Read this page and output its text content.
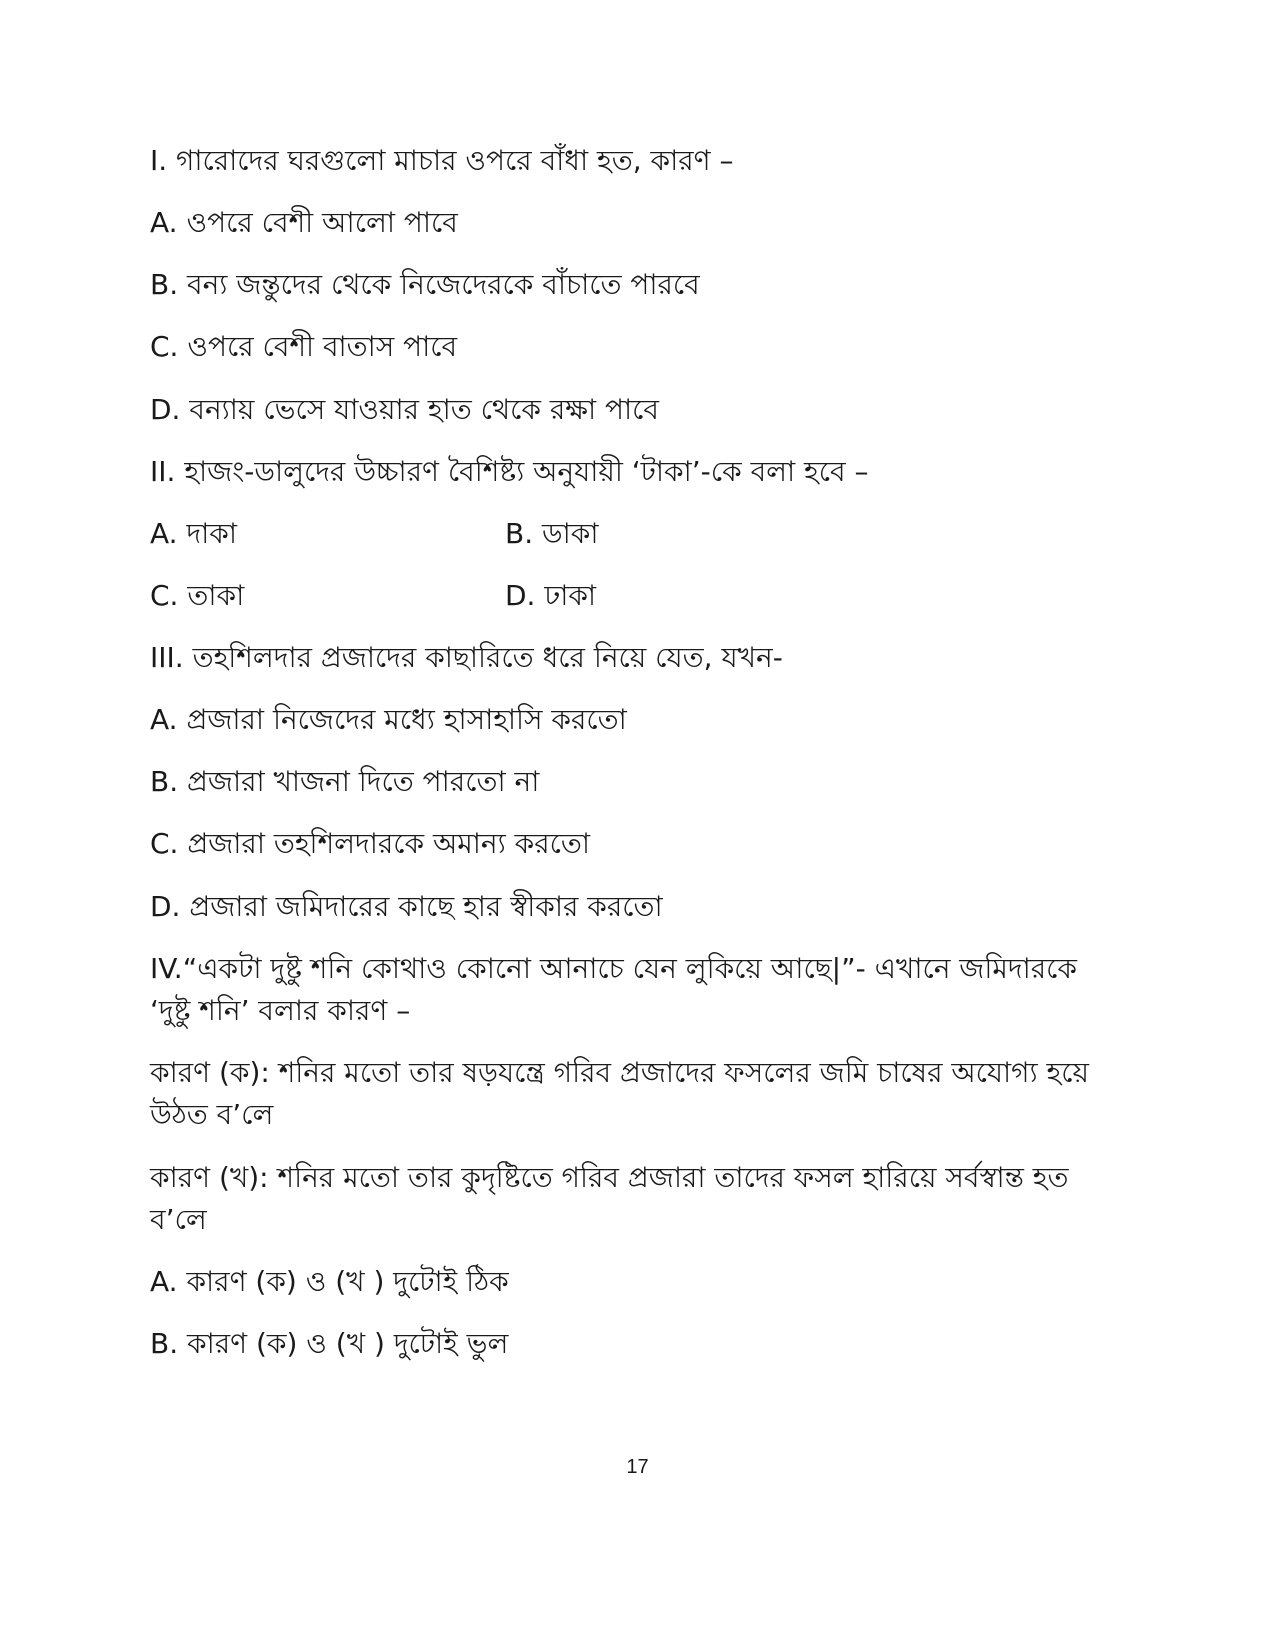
I. গারোদের ঘরগুলো মাচার ওপরে বাঁধা হত, কারণ –
A. ওপরে বেশী আলো পাবে
B. বন্য জন্তুদের থেকে নিজেদেরকে বাঁচাতে পারবে
C. ওপরে বেশী বাতাস পাবে
D. বন্যায় ভেসে যাওয়ার হাত থেকে রক্ষা পাবে
II. হাজং-ডালুদের উচ্চারণ বৈশিষ্ট্য অনুযায়ী ‘টাকা’-কে বলা হবে –
A. দাকা	B. ডাকা
C. তাকা	D. ঢাকা
III. তহশিলদার প্রজাদের কাছারিতে ধরে নিয়ে যেত, যখন-
A. প্রজারা নিজেদের মধ্যে হাসাহাসি করতো
B. প্রজারা খাজনা দিতে পারতো না
C. প্রজারা তহশিলদারকে অমান্য করতো
D. প্রজারা জমিদারের কাছে হার স্বীকার করতো
IV.“একটা দুষ্টু শনি কোথাও কোনো আনাচে যেন লুকিয়ে আছে|”- এখানে জমিদারকে ‘দুষ্টু শনি’ বলার কারণ –
কারণ (ক): শনির মতো তার ষড়যন্ত্রে গরিব প্রজাদের ফসলের জমি চাষের অযোগ্য হয়ে উঠত ব’লে
কারণ (খ): শনির মতো তার কুদৃষ্টিতে গরিব প্রজারা তাদের ফসল হারিয়ে সর্বস্বান্ত হত ব’লে
A. কারণ (ক) ও (খ ) দুটোই ঠিক
B. কারণ (ক) ও (খ ) দুটোই ভুল
17
